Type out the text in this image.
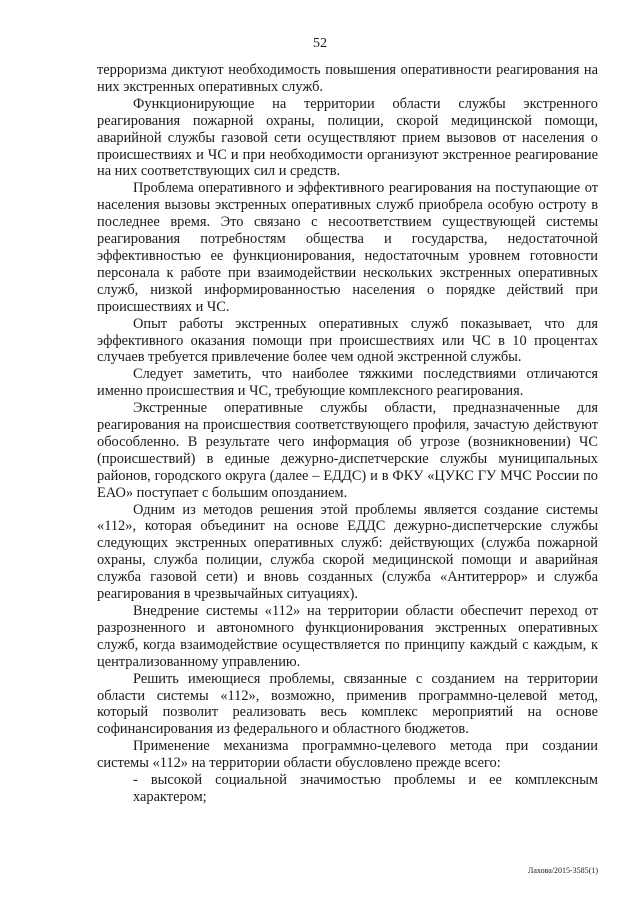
52

терроризма диктуют необходимость повышения оперативности реагирования на них экстренных оперативных служб.

Функционирующие на территории области службы экстренного реагирования пожарной охраны, полиции, скорой медицинской помощи, аварийной службы газовой сети осуществляют прием вызовов от населения о происшествиях и ЧС и при необходимости организуют экстренное реагирование на них соответствующих сил и средств.

Проблема оперативного и эффективного реагирования на поступающие от населения вызовы экстренных оперативных служб приобрела особую остроту в последнее время. Это связано с несоответствием существующей системы реагирования потребностям общества и государства, недостаточной эффективностью ее функционирования, недостаточным уровнем готовности персонала к работе при взаимодействии нескольких экстренных оперативных служб, низкой информированностью населения о порядке действий при происшествиях и ЧС.

Опыт работы экстренных оперативных служб показывает, что для эффективного оказания помощи при происшествиях или ЧС в 10 процентах случаев требуется привлечение более чем одной экстренной службы.

Следует заметить, что наиболее тяжкими последствиями отличаются именно происшествия и ЧС, требующие комплексного реагирования.

Экстренные оперативные службы области, предназначенные для реагирования на происшествия соответствующего профиля, зачастую действуют обособленно. В результате чего информация об угрозе (возникновении) ЧС (происшествий) в единые дежурно-диспетчерские службы муниципальных районов, городского округа (далее – ЕДДС) и в ФКУ «ЦУКС ГУ МЧС России по ЕАО» поступает с большим опозданием.

Одним из методов решения этой проблемы является создание системы «112», которая объединит на основе ЕДДС дежурно-диспетчерские службы следующих экстренных оперативных служб: действующих (служба пожарной охраны, служба полиции, служба скорой медицинской помощи и аварийная служба газовой сети) и вновь созданных (служба «Антитеррор» и служба реагирования в чрезвычайных ситуациях).

Внедрение системы «112» на территории области обеспечит переход от разрозненного и автономного функционирования экстренных оперативных служб, когда взаимодействие осуществляется по принципу каждый с каждым, к централизованному управлению.

Решить имеющиеся проблемы, связанные с созданием на территории области системы «112», возможно, применив программно-целевой метод, который позволит реализовать весь комплекс мероприятий на основе софинансирования из федерального и областного бюджетов.

Применение механизма программно-целевого метода при создании системы «112» на территории области обусловлено прежде всего:

- высокой социальной значимостью проблемы и ее комплексным характером;

Лахова/2015-3585(1)
